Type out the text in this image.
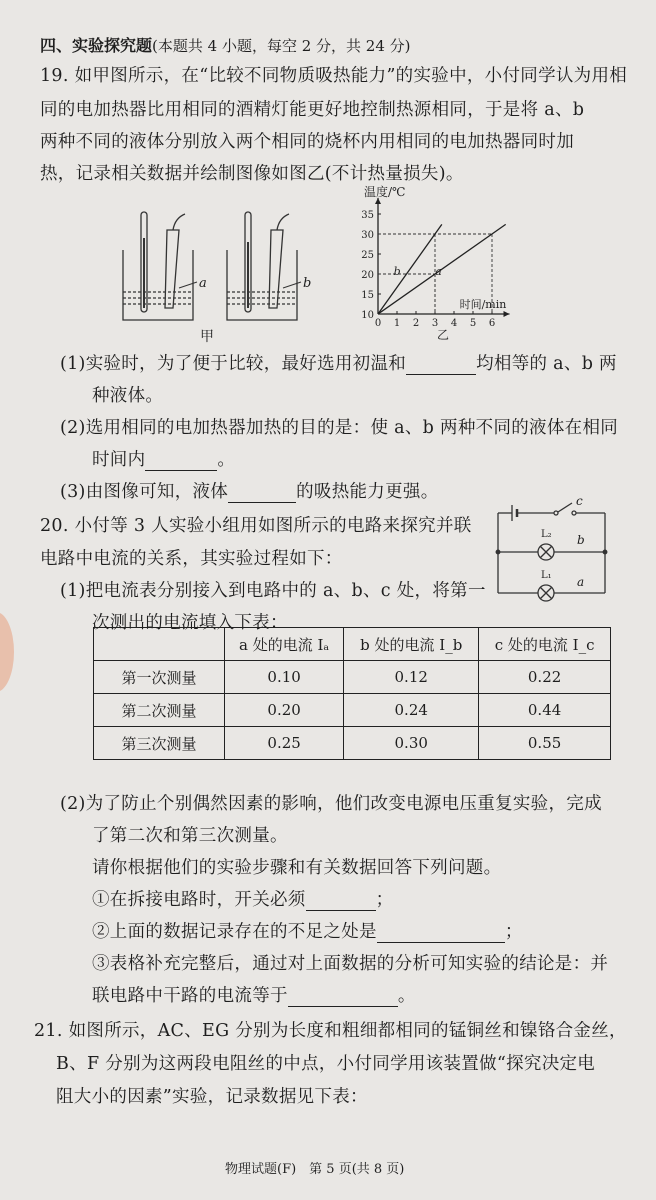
四、实验探究题(本题共 4 小题，每空 2 分，共 24 分)
19. 如甲图所示，在“比较不同物质吸热能力”的实验中，小付同学认为用相
同的电加热器比用相同的酒精灯能更好地控制热源相同，于是将 a、b
两种不同的液体分别放入两个相同的烧杯内用相同的电加热器同时加
热，记录相关数据并绘制图像如图乙(不计热量损失)。
a	b
甲
0 1 2 3 4 5 6
10
15
20
25
30
35
b	a
温度/℃
时间/min
乙
(1)实验时，为了便于比较，最好选用初温和	均相等的 a、b 两
种液体。
(2)选用相同的电加热器加热的目的是：使 a、b 两种不同的液体在相同
时间内	。
(3)由图像可知，液体	的吸热能力更强。
20. 小付等 3 人实验小组用如图所示的电路来探究并联
电路中电流的关系，其实验过程如下：
(1)把电流表分别接入到电路中的 a、b、c 处，将第一
次测出的电流填入下表：
c
b
a
L₂
L₁
	a 处的电流 Iₐ	b 处的电流 I_b	c 处的电流 I_c
第一次测量	0.10	0.12	0.22
第二次测量	0.20	0.24	0.44
第三次测量	0.25	0.30	0.55
(2)为了防止个别偶然因素的影响，他们改变电源电压重复实验，完成
了第二次和第三次测量。
请你根据他们的实验步骤和有关数据回答下列问题。
①在拆接电路时，开关必须	；
②上面的数据记录存在的不足之处是	；
③表格补充完整后，通过对上面数据的分析可知实验的结论是：并
联电路中干路的电流等于	。
21. 如图所示，AC、EG 分别为长度和粗细都相同的锰铜丝和镍铬合金丝，
B、F 分别为这两段电阻丝的中点，小付同学用该装置做“探究决定电
阻大小的因素”实验，记录数据见下表：
物理试题(F)　第 5 页(共 8 页)
